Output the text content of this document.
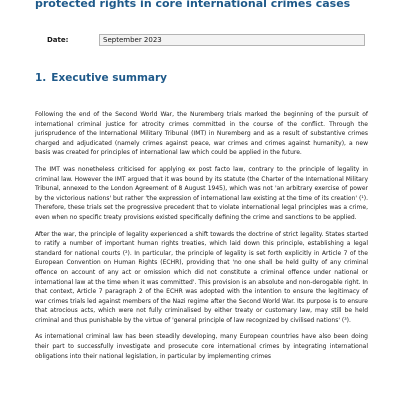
protected rights in core international crimes cases
Date:	September 2023
1. Executive summary

Following the end of the Second World War, the Nuremberg trials marked the beginning of the pursuit of international criminal justice for atrocity crimes committed in the course of the conflict. Through the jurisprudence of the International Military Tribunal (IMT) in Nuremberg and as a result of substantive crimes charged and adjudicated (namely crimes against peace, war crimes and crimes against humanity), a new basis was created for principles of international law which could be applied in the future.

The IMT was nonetheless criticised for applying ex post facto law, contrary to the principle of legality in criminal law. However the IMT argued that it was bound by its statute (the Charter of the International Military Tribunal, annexed to the London Agreement of 8 August 1945), which was not 'an arbitrary exercise of power by the victorious nations' but rather 'the expression of international law existing at the time of its creation' (¹). Therefore, these trials set the progressive precedent that to violate international legal principles was a crime, even when no specific treaty provisions existed specifically defining the crime and sanctions to be applied.

After the war, the principle of legality experienced a shift towards the doctrine of strict legality. States started to ratify a number of important human rights treaties, which laid down this principle, establishing a legal standard for national courts (²). In particular, the principle of legality is set forth explicitly in Article 7 of the European Convention on Human Rights (ECHR), providing that 'no one shall be held guilty of any criminal offence on account of any act or omission which did not constitute a criminal offence under national or international law at the time when it was committed'. This provision is an absolute and non-derogable right. In that context, Article 7 paragraph 2 of the ECHR was adopted with the intention to ensure the legitimacy of war crimes trials led against members of the Nazi regime after the Second World War. Its purpose is to ensure that atrocious acts, which were not fully criminalised by either treaty or customary law, may still be held criminal and thus punishable by the virtue of 'general principle of law recognized by civilised nations' (³).

As international criminal law has been steadily developing, many European countries have also been doing their part to successfully investigate and prosecute core international crimes by integrating international obligations into their national legislation, in particular by implementing crimes
